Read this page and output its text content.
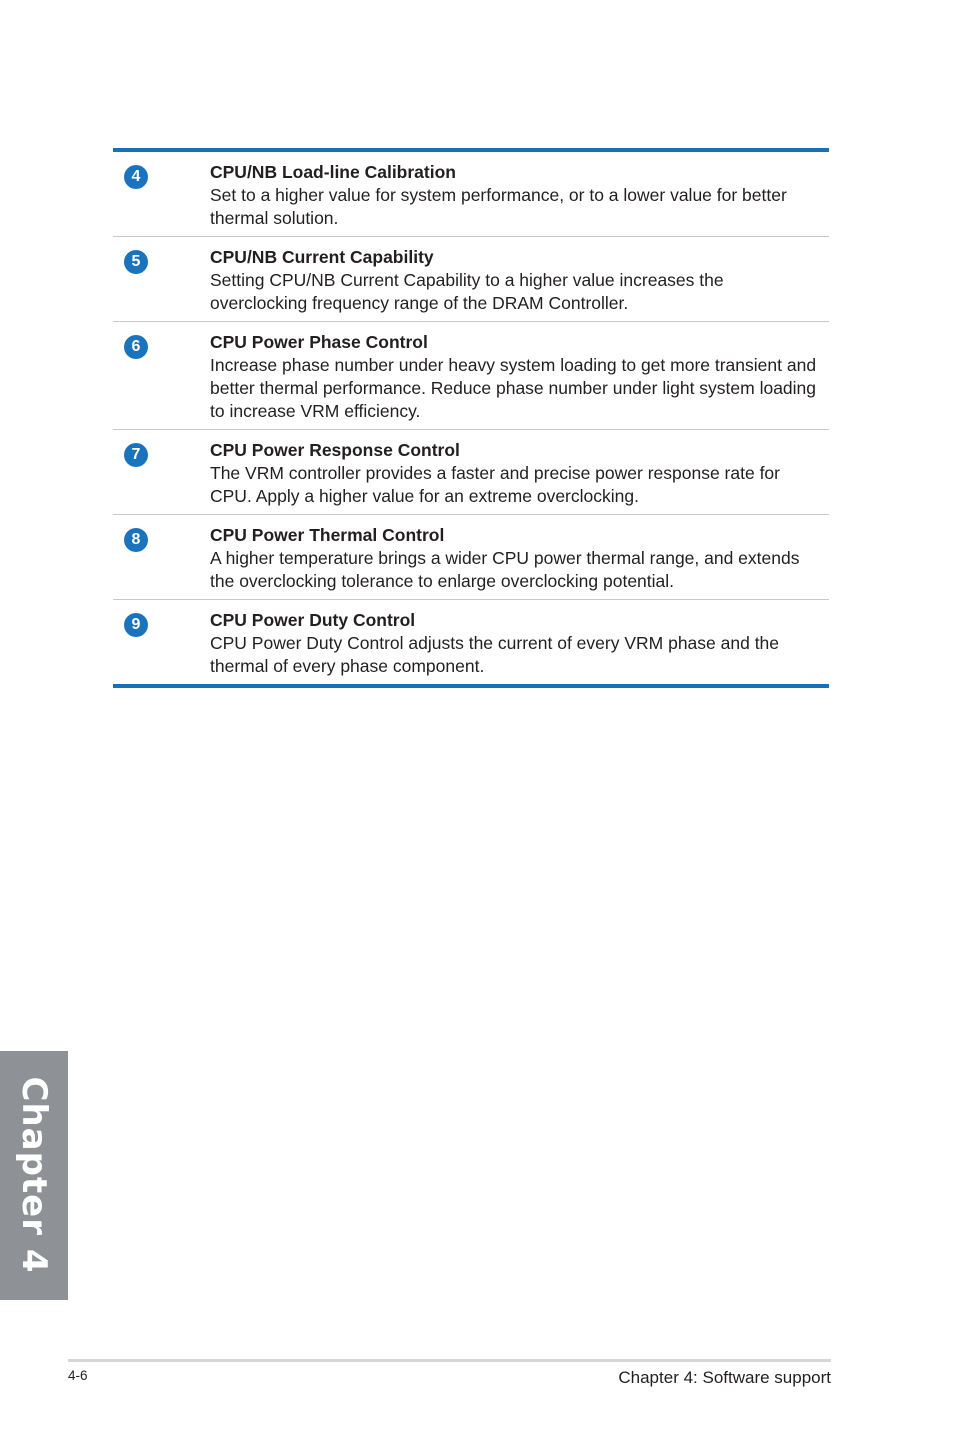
4	CPU/NB Load-line Calibration

Set to a higher value for system performance, or to a lower value for better thermal solution.

5	CPU/NB Current Capability

Setting CPU/NB Current Capability to a higher value increases the overclocking frequency range of the DRAM Controller.

6	CPU Power Phase Control

Increase phase number under heavy system loading to get more transient and better thermal performance. Reduce phase number under light system loading to increase VRM efficiency.

7	CPU Power Response Control

The VRM controller provides a faster and precise power response rate for CPU. Apply a higher value for an extreme overclocking.

8	CPU Power Thermal Control

A higher temperature brings a wider CPU power thermal range, and extends the overclocking tolerance to enlarge overclocking potential.

9	CPU Power Duty Control

CPU Power Duty Control adjusts the current of every VRM phase and the thermal of every phase component.

Chapter 4
4-6	Chapter 4: Software support
